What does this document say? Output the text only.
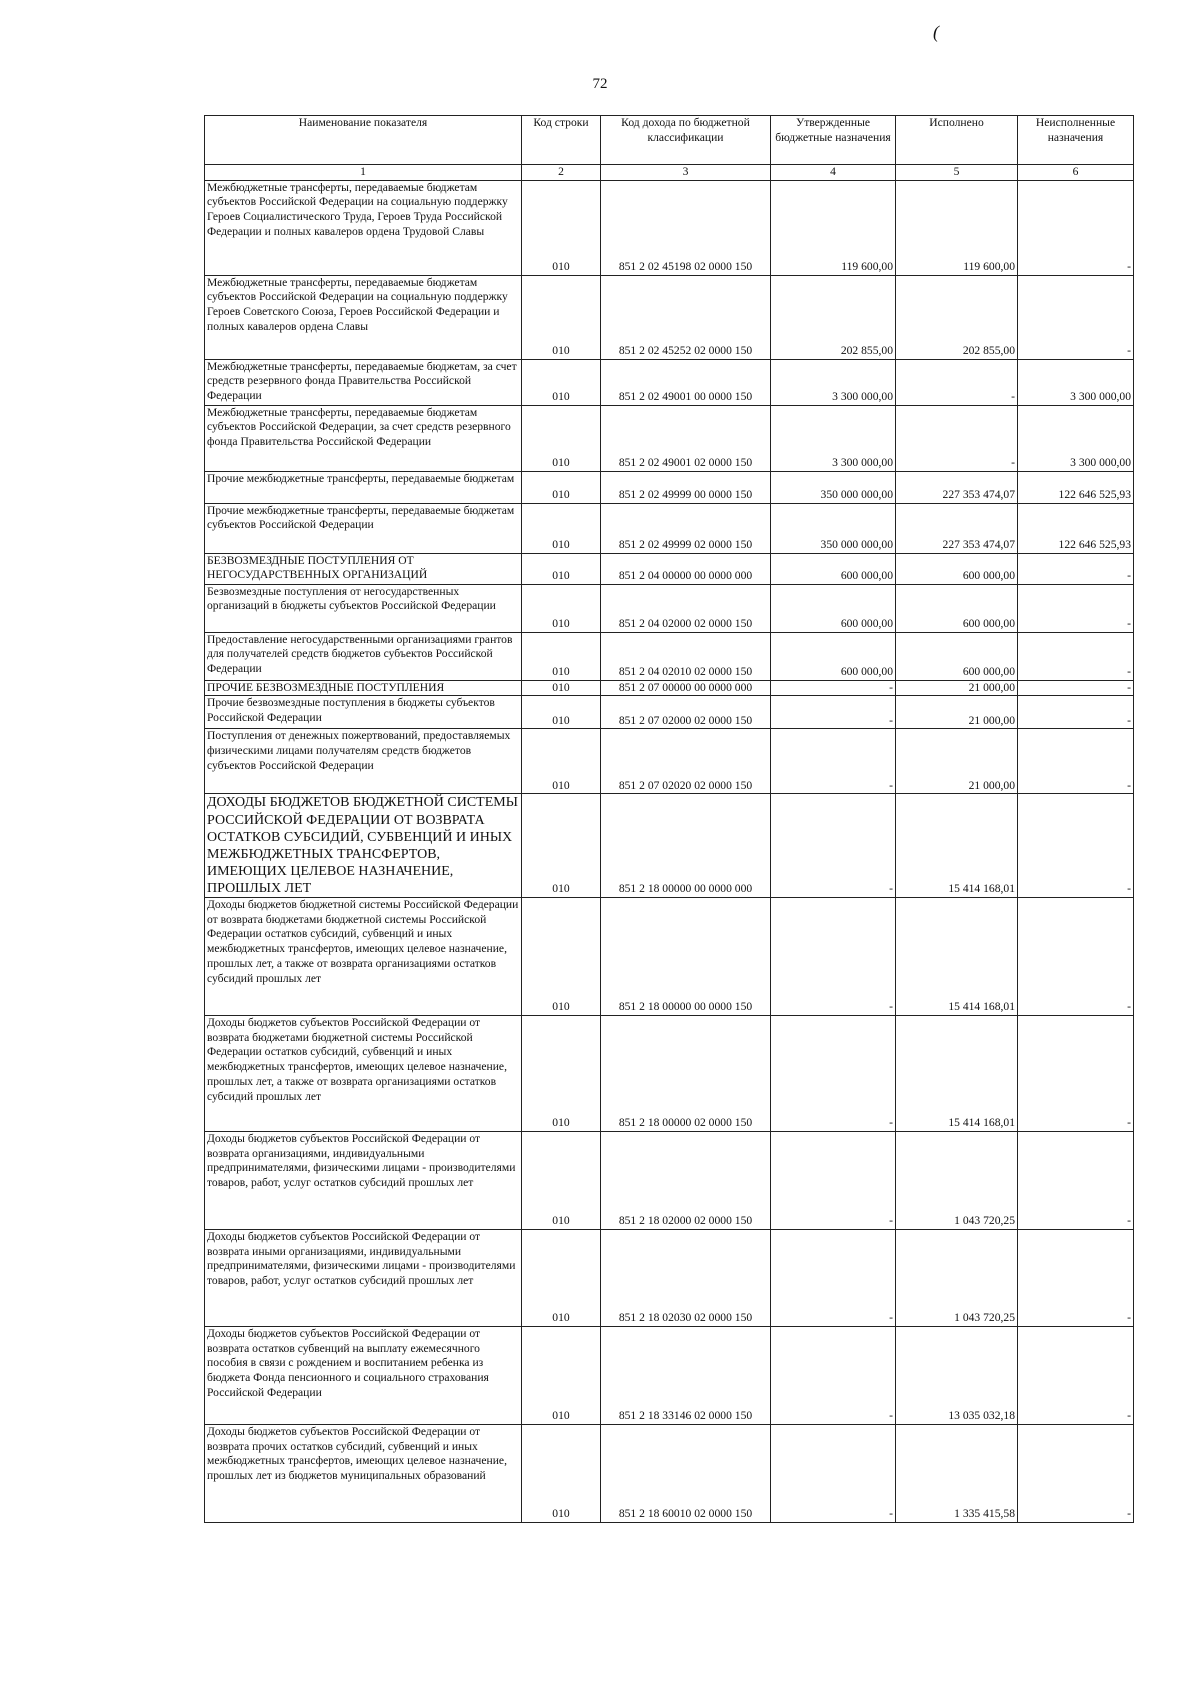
(
72
Наименование показателя	Код строки	Код дохода по бюджетной классификации	Утвержденные бюджетные назначения	Исполнено	Неисполненные назначения
1	2	3	4	5	6
Межбюджетные трансферты, передаваемые бюджетам субъектов Российской Федерации на социальную поддержку Героев Социалистического Труда, Героев Труда Российской Федерации и полных кавалеров ордена Трудовой Славы	010	851 2 02 45198 02 0000 150	119 600,00	119 600,00	-
Межбюджетные трансферты, передаваемые бюджетам субъектов Российской Федерации на социальную поддержку Героев Советского Союза, Героев Российской Федерации и полных кавалеров ордена Славы	010	851 2 02 45252 02 0000 150	202 855,00	202 855,00	-
Межбюджетные трансферты, передаваемые бюджетам, за счет средств резервного фонда Правительства Российской Федерации	010	851 2 02 49001 00 0000 150	3 300 000,00	-	3 300 000,00
Межбюджетные трансферты, передаваемые бюджетам субъектов Российской Федерации, за счет средств резервного фонда Правительства Российской Федерации	010	851 2 02 49001 02 0000 150	3 300 000,00	-	3 300 000,00
Прочие межбюджетные трансферты, передаваемые бюджетам	010	851 2 02 49999 00 0000 150	350 000 000,00	227 353 474,07	122 646 525,93
Прочие межбюджетные трансферты, передаваемые бюджетам субъектов Российской Федерации	010	851 2 02 49999 02 0000 150	350 000 000,00	227 353 474,07	122 646 525,93
БЕЗВОЗМЕЗДНЫЕ ПОСТУПЛЕНИЯ ОТ НЕГОСУДАРСТВЕННЫХ ОРГАНИЗАЦИЙ	010	851 2 04 00000 00 0000 000	600 000,00	600 000,00	-
Безвозмездные поступления от негосударственных организаций в бюджеты субъектов Российской Федерации	010	851 2 04 02000 02 0000 150	600 000,00	600 000,00	-
Предоставление негосударственными организациями грантов для получателей средств бюджетов субъектов Российской Федерации	010	851 2 04 02010 02 0000 150	600 000,00	600 000,00	-
ПРОЧИЕ БЕЗВОЗМЕЗДНЫЕ ПОСТУПЛЕНИЯ	010	851 2 07 00000 00 0000 000	-	21 000,00	-
Прочие безвозмездные поступления в бюджеты субъектов Российской Федерации	010	851 2 07 02000 02 0000 150	-	21 000,00	-
Поступления от денежных пожертвований, предоставляемых физическими лицами получателям средств бюджетов субъектов Российской Федерации	010	851 2 07 02020 02 0000 150	-	21 000,00	-
ДОХОДЫ БЮДЖЕТОВ БЮДЖЕТНОЙ СИСТЕМЫ РОССИЙСКОЙ ФЕДЕРАЦИИ ОТ ВОЗВРАТА ОСТАТКОВ СУБСИДИЙ, СУБВЕНЦИЙ И ИНЫХ МЕЖБЮДЖЕТНЫХ ТРАНСФЕРТОВ, ИМЕЮЩИХ ЦЕЛЕВОЕ НАЗНАЧЕНИЕ, ПРОШЛЫХ ЛЕТ	010	851 2 18 00000 00 0000 000	-	15 414 168,01	-
Доходы бюджетов бюджетной системы Российской Федерации от возврата бюджетами бюджетной системы Российской Федерации остатков субсидий, субвенций и иных межбюджетных трансфертов, имеющих целевое назначение, прошлых лет, а также от возврата организациями остатков субсидий прошлых лет	010	851 2 18 00000 00 0000 150	-	15 414 168,01	-
Доходы бюджетов субъектов Российской Федерации от возврата бюджетами бюджетной системы Российской Федерации остатков субсидий, субвенций и иных межбюджетных трансфертов, имеющих целевое назначение, прошлых лет, а также от возврата организациями остатков субсидий прошлых лет	010	851 2 18 00000 02 0000 150	-	15 414 168,01	-
Доходы бюджетов субъектов Российской Федерации от возврата организациями, индивидуальными предпринимателями, физическими лицами - производителями товаров, работ, услуг остатков субсидий прошлых лет	010	851 2 18 02000 02 0000 150	-	1 043 720,25	-
Доходы бюджетов субъектов Российской Федерации от возврата иными организациями, индивидуальными предпринимателями, физическими лицами - производителями товаров, работ, услуг остатков субсидий прошлых лет	010	851 2 18 02030 02 0000 150	-	1 043 720,25	-
Доходы бюджетов субъектов Российской Федерации от возврата остатков субвенций на выплату ежемесячного пособия в связи с рождением и воспитанием ребенка из бюджета Фонда пенсионного и социального страхования Российской Федерации	010	851 2 18 33146 02 0000 150	-	13 035 032,18	-
Доходы бюджетов субъектов Российской Федерации от возврата прочих остатков субсидий, субвенций и иных межбюджетных трансфертов, имеющих целевое назначение, прошлых лет из бюджетов муниципальных образований	010	851 2 18 60010 02 0000 150	-	1 335 415,58	-
